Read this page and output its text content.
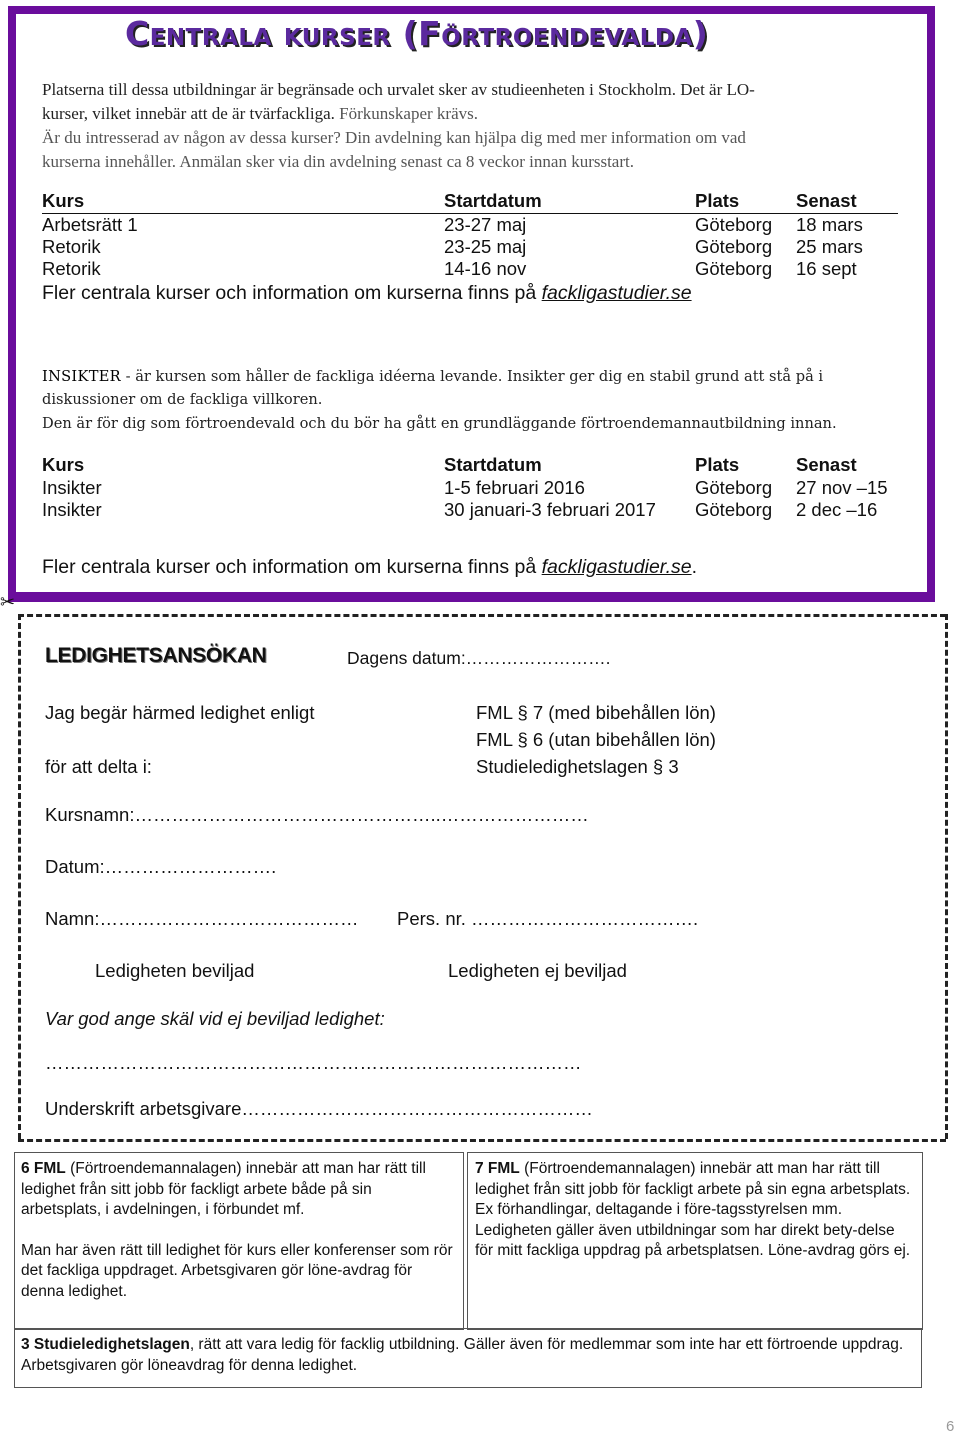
Centrala kurser (Förtroendevalda)
Platserna till dessa utbildningar är begränsade och urvalet sker av studieenheten i Stockholm. Det är LO-
kurser, vilket innebär att de är tvärfackliga. Förkunskaper krävs.
Är du intresserad av någon av dessa kurser? Din avdelning kan hjälpa dig med mer information om vad
kurserna innehåller. Anmälan sker via din avdelning senast ca 8 veckor innan kursstart.
Kurs	Startdatum	Plats	Senast
Arbetsrätt 1	23-27 maj	Göteborg 18 mars
Retorik	23-25 maj	Göteborg 25 mars
Retorik	14-16 nov	Göteborg 16 sept
Fler centrala kurser och information om kurserna finns på fackligastudier.se
INSIKTER - är kursen som håller de fackliga idéerna levande. Insikter ger dig en stabil grund att stå på i
diskussioner om de fackliga villkoren.
Den är för dig som förtroendevald och du bör ha gått en grundläggande förtroendemannautbildning innan.
Kurs	Startdatum	Plats	Senast
Insikter	1-5 februari 2016	Göteborg 27 nov –15
Insikter	30 januari-3 februari 2017 Göteborg 2 dec –16
Fler centrala kurser och information om kurserna finns på fackligastudier.se.
✂
LEDIGHETSANSÖKAN	Dagens datum:…………………….
Jag begär härmed ledighet enligt	FML § 7 (med bibehållen lön)
FML § 6 (utan bibehållen lön)
för att delta i:	Studieledighetslagen § 3
Kursnamn:…………………………………………..……………………
Datum:……………………….
Namn:…………………………………… Pers. nr. ……………………………….
Ledigheten beviljad	Ledigheten ej beviljad
Var god ange skäl vid ej beviljad ledighet:
……………………………………………………………………………
Underskrift arbetsgivare…………………………………………………

6 FML (Förtroendemannalagen) innebär att man har rätt till ledighet från sitt jobb för fackligt arbete både på sin arbetsplats, i avdelningen, i förbundet mf.

Man har även rätt till ledighet för kurs eller konferenser som rör det fackliga uppdraget. Arbetsgivaren gör löne-avdrag för denna ledighet.

7 FML (Förtroendemannalagen) innebär att man har rätt till ledighet från sitt jobb för fackligt arbete på sin egna arbetsplats. Ex förhandlingar, deltagande i före-tagsstyrelsen mm.

Ledigheten gäller även utbildningar som har direkt bety-delse för mitt fackliga uppdrag på arbetsplatsen. Löne-avdrag görs ej.

3 Studieledighetslagen, rätt att vara ledig för facklig utbildning. Gäller även för medlemmar som inte har ett förtroende uppdrag. Arbetsgivaren gör löneavdrag för denna ledighet.

6
